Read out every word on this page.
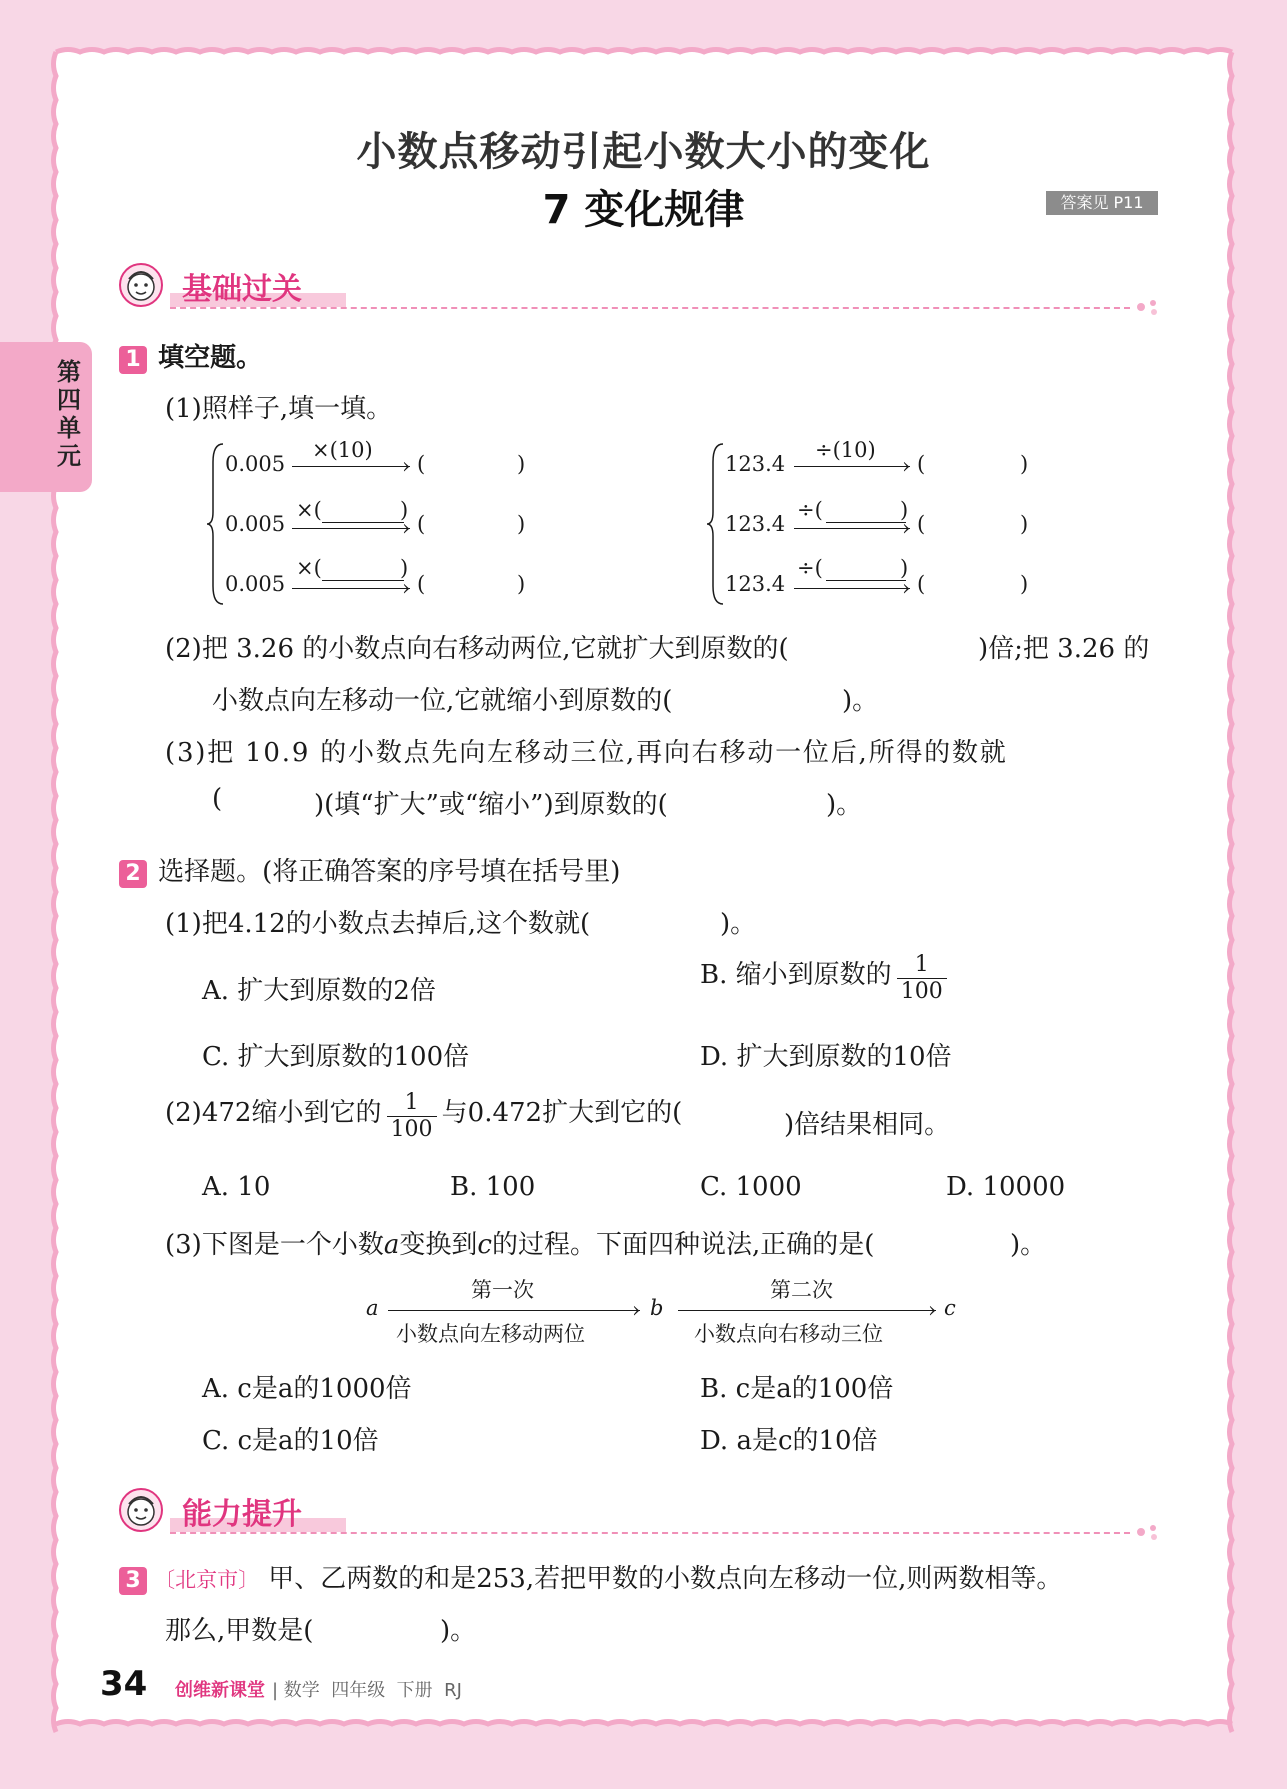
第四单元
小数点移动引起小数大小的变化
7 变化规律	答案见 P11
基础过关
1 填空题。
(1)照样子,填一填。
0.005
×(10)
› (	)
0.005
×(	)
› (	)
0.005
×(	)
› (	)
123.4
÷(10)
› (	)
123.4
÷(	)
› (	)
123.4
÷(	)
› (	)
(2)把 3.26 的小数点向右移动两位,它就扩大到原数的(	)倍;把 3.26 的
小数点向左移动一位,它就缩小到原数的(	)。
(3)把 10.9 的小数点先向左移动三位,再向右移动一位后,所得的数就
(	)(填“扩大”或“缩小”)到原数的(	)。
2 选择题。(将正确答案的序号填在括号里)
(1)把4.12的小数点去掉后,这个数就(	)。
A. 扩大到原数的2倍
B. 缩小到原数的 $\frac{1}{100}$
C. 扩大到原数的100倍	D. 扩大到原数的10倍
(2)472缩小到它的 $\frac{1}{100}$ 与0.472扩大到它的(	)倍结果相同。
A. 10	B. 100	C. 1000	D. 10000
(3)下图是一个小数a变换到c的过程。下面四种说法,正确的是(	)。
a
第一次
›
小数点向左移动两位
b
第二次
›
小数点向右移动三位
c
A. c是a的1000倍	B. c是a的100倍
C. c是a的10倍	D. a是c的10倍
能力提升
3 〔北京市〕 甲、乙两数的和是253,若把甲数的小数点向左移动一位,则两数相等。
那么,甲数是(	)。
34 创维新课堂 | 数学  四年级  下册  RJ
